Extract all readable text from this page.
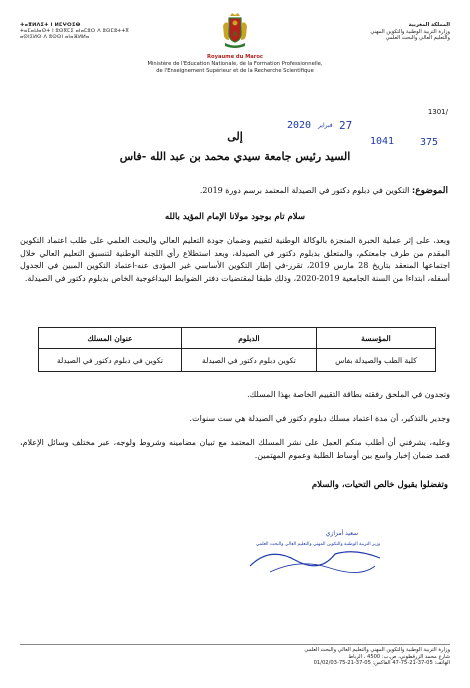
ⵜⴰⴳⵍⴷⵉⵜ ⵏ ⵍⵎⵖⵔⵉⴱ
ⵜⴰⵎⴰⵡⴰⵙⵜ ⵏ ⵓⵙⴳⵎⵉ ⴰⵏⴰⵎⵓⵔ ⴷ ⵓⵙⵎⵓⵜⵜⴳ
ⴰⵙⵏⵉⵍⵙ ⴷ ⵓⵙⵙⵏ ⴰⵏⴰⴼⵍⵍⴰ
المملكة المغربية
وزارة التربية الوطنية والتكوين المهني
والتعليم العالي والبحث العلمي
Royaume du Maroc
Ministère de l'Education Nationale, de la Formation Professionnelle,
de l'Enseignement Supérieur et de la Recherche Scientifique
1301/
2020 فبراير 27
1041	375
إلى
السيد رئيس جامعة سيدي محمد بن عبد الله -فاس
الموضوع: التكوين في دبلوم دكتور في الصيدلة المعتمد برسم دورة 2019.
سلام تام بوجود مولانا الإمام المؤيد بالله
وبعد، على إثر عملية الخبرة المنجزة بالوكالة الوطنية لتقييم وضمان جودة التعليم العالي والبحث العلمي على طلب اعتماد التكوين المقدم من طرف جامعتكم، والمتعلق بدبلوم دكتور في الصيدلة، وبعد استطلاع رأي اللجنة الوطنية لتنسيق التعليم العالي خلال اجتماعها المنعقد بتاريخ 28 مارس 2019، تقرر-في إطار التكوين الأساسي غير المؤدى عنه-اعتماد التكوين المبين في الجدول أسفله، ابتداءا من السنة الجامعية 2019-2020، وذلك طبقا لمقتضيات دفتر الضوابط البيداغوجية الخاص بدبلوم دكتور في الصيدلة.
المؤسسة	الدبلوم	عنوان المسلك
كلية الطب والصيدلة بفاس	تكوين دبلوم دكتور في الصيدلة	تكوين في دبلوم دكتور في الصيدلة
وتجدون في الملحق رفقته بطاقة التقييم الخاصة بهذا المسلك.
وجدير بالتذكير، أن مدة اعتماد مسلك دبلوم دكتور في الصيدلة هي ست سنوات.
وعليه، يشرفني أن أطلب منكم العمل على نشر المسلك المعتمد مع تبيان مضامينه وشروط ولوجه، عبر مختلف وسائل الإعلام، قصد ضمان إخبار واسع بين أوساط الطلبة وعموم المهتمين.
وتفضلوا بقبول خالص التحيات، والسلام
سعيد أمزازي
وزير التربية الوطنية والتكوين المهني والتعليم العالي والبحث العلمي
وزارة التربية الوطنية والتكوين المهني والتعليم العالي والبحث العلمي
شارع محمد الزرقطوني، ص.ب: 4500 ، الرباط
الهاتف: 05-37-21-75-47 الفاكس: 05-37-21-75-01/02/03
